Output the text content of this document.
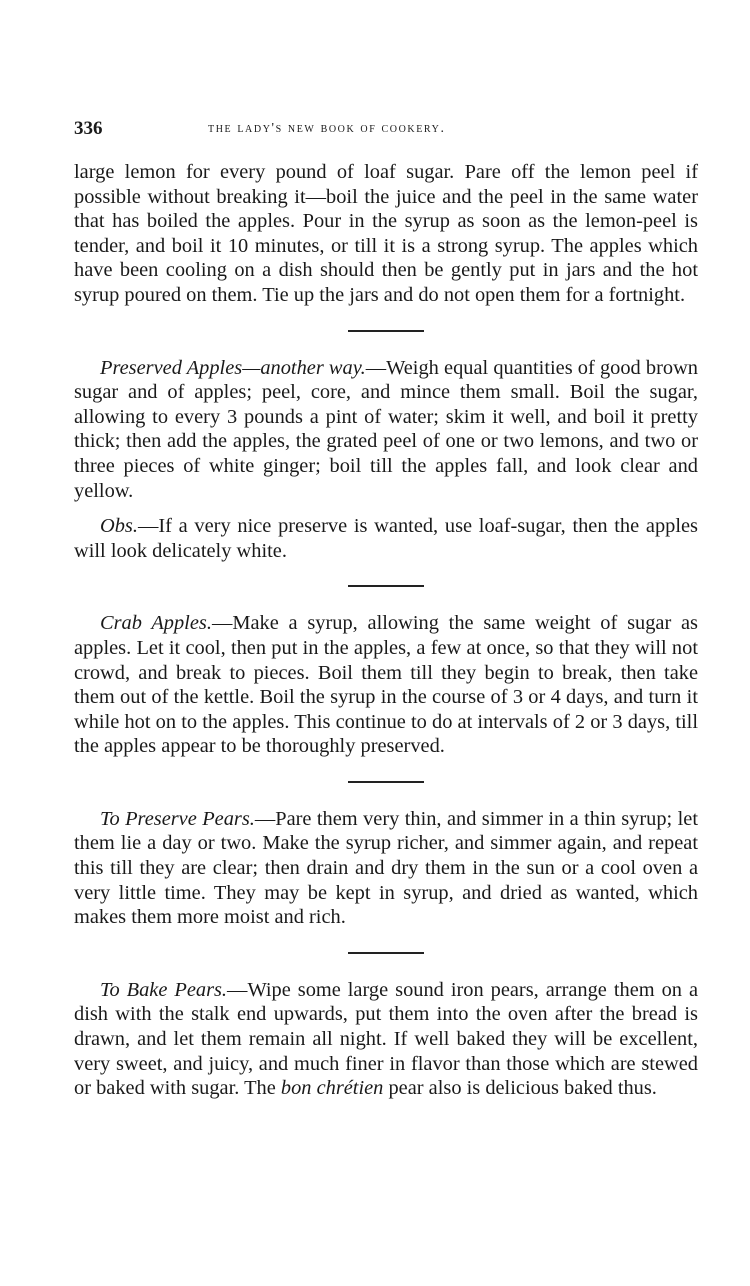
336	the lady's new book of cookery.

large lemon for every pound of loaf sugar. Pare off the lemon peel if possible without breaking it—boil the juice and the peel in the same water that has boiled the apples. Pour in the syrup as soon as the lemon-peel is tender, and boil it 10 minutes, or till it is a strong syrup. The apples which have been cooling on a dish should then be gently put in jars and the hot syrup poured on them. Tie up the jars and do not open them for a fortnight.

Preserved Apples—another way.—Weigh equal quantities of good brown sugar and of apples; peel, core, and mince them small. Boil the sugar, allowing to every 3 pounds a pint of water; skim it well, and boil it pretty thick; then add the apples, the grated peel of one or two lemons, and two or three pieces of white ginger; boil till the apples fall, and look clear and yellow.

Obs.—If a very nice preserve is wanted, use loaf-sugar, then the apples will look delicately white.

Crab Apples.—Make a syrup, allowing the same weight of sugar as apples. Let it cool, then put in the apples, a few at once, so that they will not crowd, and break to pieces. Boil them till they begin to break, then take them out of the kettle. Boil the syrup in the course of 3 or 4 days, and turn it while hot on to the apples. This continue to do at intervals of 2 or 3 days, till the apples appear to be thoroughly preserved.

To Preserve Pears.—Pare them very thin, and simmer in a thin syrup; let them lie a day or two. Make the syrup richer, and simmer again, and repeat this till they are clear; then drain and dry them in the sun or a cool oven a very little time. They may be kept in syrup, and dried as wanted, which makes them more moist and rich.

To Bake Pears.—Wipe some large sound iron pears, arrange them on a dish with the stalk end upwards, put them into the oven after the bread is drawn, and let them remain all night. If well baked they will be excellent, very sweet, and juicy, and much finer in flavor than those which are stewed or baked with sugar. The bon chrétien pear also is delicious baked thus.
